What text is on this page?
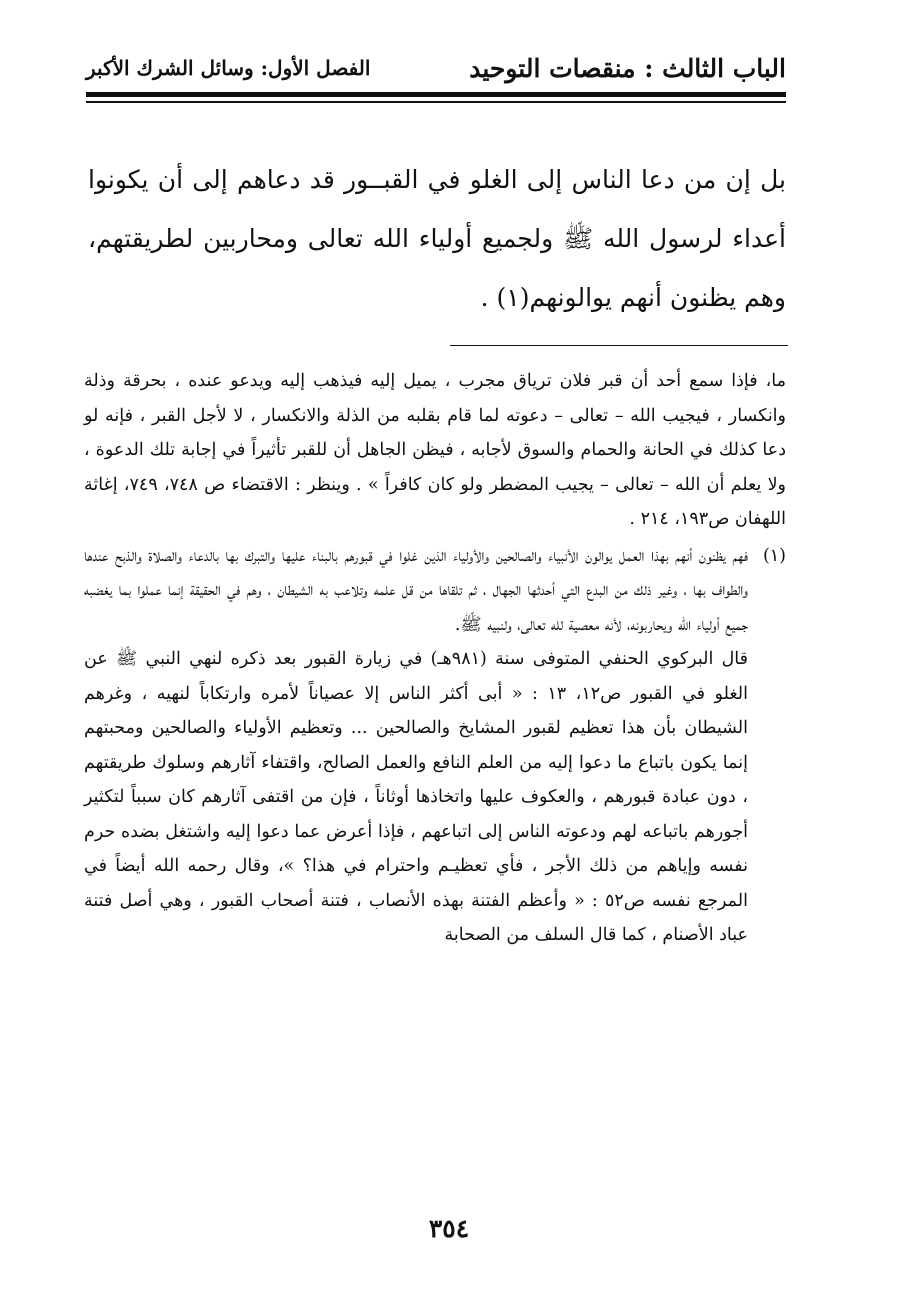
الباب الثالث : منقصات التوحيد
الفصل الأول: وسائل الشرك الأكبر

بل إن من دعا الناس إلى الغلو في القبــور قد دعاهم إلى أن يكونوا أعداء لرسول الله ﷺ ولجميع أولياء الله تعالى ومحاربين لطريقتهم، وهم يظنون أنهم يوالونهم(١) .

ما، فإذا سمع أحد أن قبر فلان ترياق مجرب ، يميل إليه فيذهب إليه ويدعو عنده ، بحرقة وذلة وانكسار ، فيجيب الله – تعالى – دعوته لما قام بقلبه من الذلة والانكسار ، لا لأجل القبر ، فإنه لو دعا كذلك في الحانة والحمام والسوق لأجابه ، فيظن الجاهل أن للقبر تأثيراً في إجابة تلك الدعوة ، ولا يعلم أن الله – تعالى – يجيب المضطر ولو كان كافراً » . وينظر : الاقتضاء ص ٧٤٨، ٧٤٩، إغاثة اللهفان ص١٩٣، ٢١٤ .

(١)
فهم يظنون أنهم بهذا العمل يوالون الأنبياء والصالحين والأولياء الذين غلوا في قبورهم بالبناء عليها والتبرك بها بالدعاء والصلاة والذبح عندها والطواف بها ، وغير ذلك من البدع التي أحدثها الجهال ، ثم تلقاها من قل علمه وتلاعب به الشيطان ، وهم في الحقيقة إنما عملوا بما يغضبه جميع أولياء الله ويحاربونه، لأنه معصية لله تعالى، ولنبيه ﷺ.

قال البركوي الحنفي المتوفى سنة (٩٨١هـ) في زيارة القبور بعد ذكره لنهي النبي ﷺ عن الغلو في القبور ص١٢، ١٣ : « أبى أكثر الناس إلا عصياناً لأمره وارتكاباً لنهيه ، وغرهم الشيطان بأن هذا تعظيم لقبور المشايخ والصالحين ... وتعظيم الأولياء والصالحين ومحبتهم إنما يكون باتباع ما دعوا إليه من العلم النافع والعمل الصالح، واقتفاء آثارهم وسلوك طريقتهم ، دون عبادة قبورهم ، والعكوف عليها واتخاذها أوثاناً ، فإن من اقتفى آثارهم كان سبباً لتكثير أجورهم باتباعه لهم ودعوته الناس إلى اتباعهم ، فإذا أعرض عما دعوا إليه واشتغل بضده حرم نفسه وإياهم من ذلك الأجر ، فأي تعظيـم واحترام في هذا؟ »، وقال رحمه الله أيضاً في المرجع نفسه ص٥٢ : « وأعظم الفتنة بهذه الأنصاب ، فتنة أصحاب القبور ، وهي أصل فتنة عباد الأصنام ، كما قال السلف من الصحابة

٣٥٤
